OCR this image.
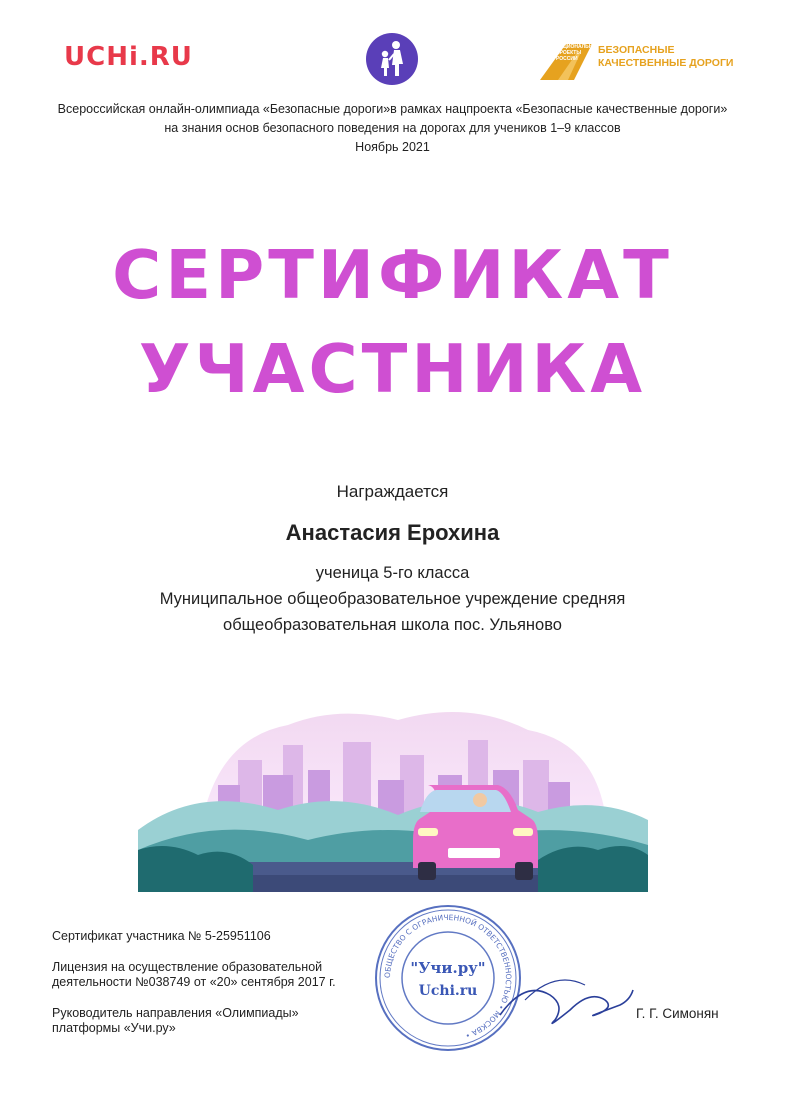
UCHi.RU	НАЦИОНАЛЬНЫЕ
ПРОЕКТЫ
РОССИИ
БЕЗОПАСНЫЕ
КАЧЕСТВЕННЫЕ ДОРОГИ
Всероссийская онлайн-олимпиада «Безопасные дороги»в рамках нацпроекта «Безопасные качественные дороги»
на знания основ безопасного поведения на дорогах для учеников 1–9 классов
Ноябрь 2021
СЕРТИФИКАТ
УЧАСТНИКА
Награждается
Анастасия Ерохина
ученица 5-го класса
Муниципальное общеобразовательное учреждение средняя
общеобразовательная школа пос. Ульяново
Сертификат участника № 5-25951106
Лицензия на осуществление образовательной
деятельности №038749 от «20» сентября 2017 г.
Руководитель направления «Олимпиады»
платформы «Учи.ру»
ОБЩЕСТВО С ОГРАНИЧЕННОЙ ОТВЕТСТВЕННОСТЬЮ • МОСКВА •
"Учи.ру"
Uchi.ru
Г. Г. Симонян
